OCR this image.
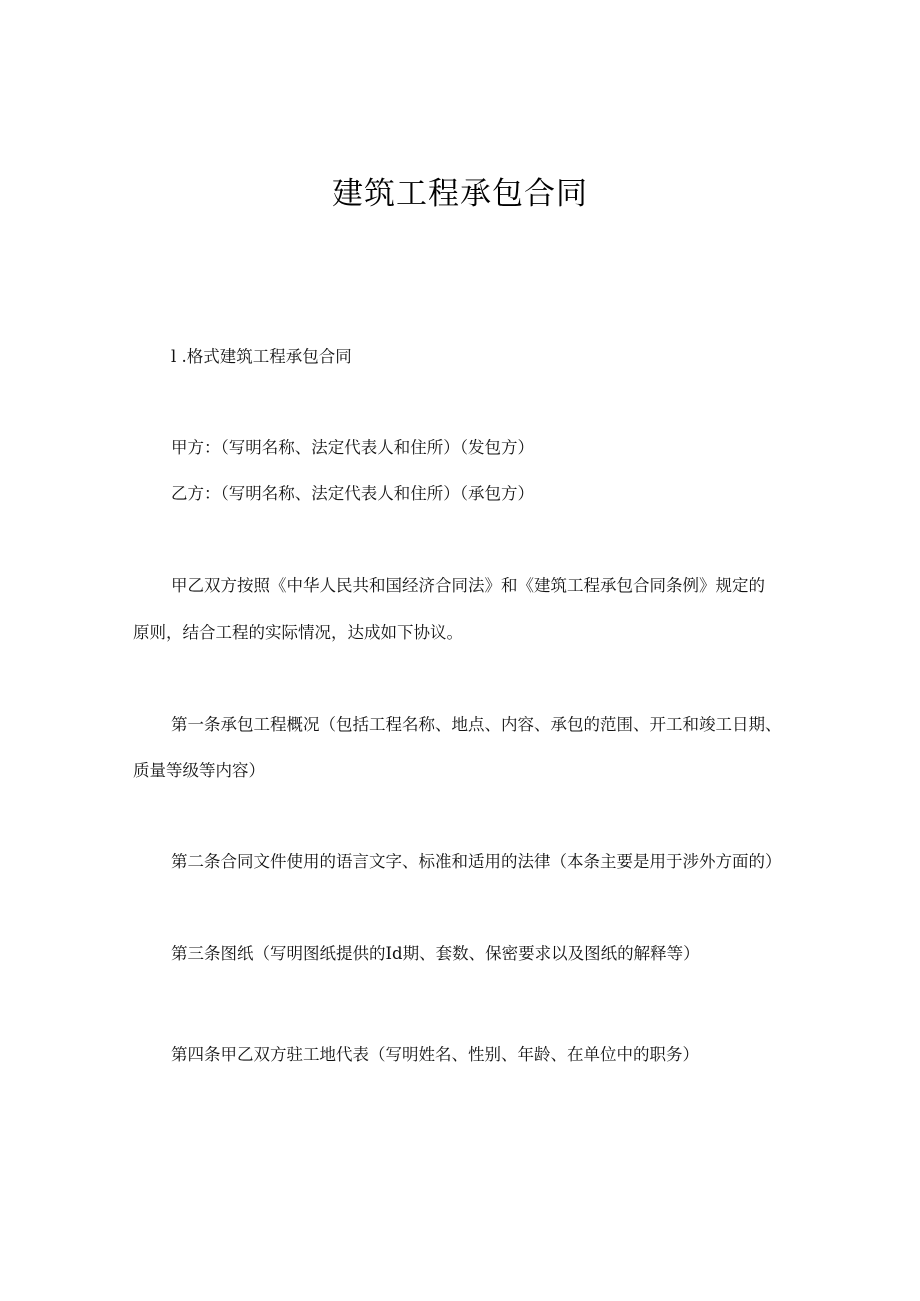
建筑工程承包合同
l .格式建筑工程承包合同
甲方：（写明名称、法定代表人和住所）（发包方）
乙方：（写明名称、法定代表人和住所）（承包方）
甲乙双方按照《中华人民共和国经济合同法》和《建筑工程承包合同条例》规定的
原则，结合工程的实际情况，达成如下协议。
第一条承包工程概况（包括工程名称、地点、内容、承包的范围、开工和竣工日期、
质量等级等内容）
第二条合同文件使用的语言文字、标准和适用的法律（本条主要是用于涉外方面的）
第三条图纸（写明图纸提供的Id期、套数、保密要求以及图纸的解释等）
第四条甲乙双方驻工地代表（写明姓名、性别、年龄、在单位中的职务）
